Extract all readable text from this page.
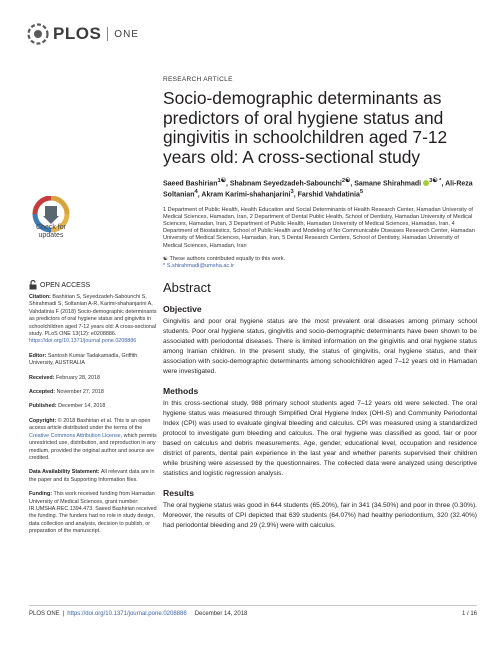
PLOS ONE
Check for updates
OPEN ACCESS

Citation: Bashirian S, Seyedzadeh-Sabounchi S, Shirahmadi S, Soltanian A-R, Karimi-shahanjarini A, Vahdatinia F (2018) Socio-demographic determinants as predictors of oral hygiene status and gingivitis in schoolchildren aged 7-12 years old: A cross-sectional study. PLoS ONE 13(12): e0208886. https://doi.org/10.1371/journal.pone.0208886

Editor: Santosh Kumar Tadakamadla, Griffith University, AUSTRALIA

Received: February 28, 2018

Accepted: November 27, 2018

Published: December 14, 2018

Copyright: © 2018 Bashirian et al. This is an open access article distributed under the terms of the Creative Commons Attribution License, which permits unrestricted use, distribution, and reproduction in any medium, provided the original author and source are credited.

Data Availability Statement: All relevant data are in the paper and its Supporting Information files.

Funding: This work received funding from Hamadan University of Medical Sciences, grant number: IR.UMSHA.REC.1394.473. Saeed Bashirian received the funding. The funders had no role in study design, data collection and analysis, decision to publish, or preparation of the manuscript.

RESEARCH ARTICLE
Socio-demographic determinants as predictors of oral hygiene status and gingivitis in schoolchildren aged 7-12 years old: A cross-sectional study
Saeed Bashirian$^{1☯}$, Shabnam Seyedzadeh-Sabounchi$^{2☯}$, Samane Shirahmadi $^{3☯ *}$, Ali-Reza Soltanian$^4$, Akram Karimi-shahanjarini$^3$, Farshid Vahdatinia$^5$
1 Department of Public Health, Health Education and Social Determinants of Health Research Center, Hamadan University of Medical Sciences, Hamadan, Iran, 2 Department of Dental Public Health, School of Dentistry, Hamadan University of Medical Sciences, Hamadan, Iran, 3 Department of Public Health, Hamadan University of Medical Sciences, Hamadan, Iran, 4 Department of Biostatistics, School of Public Health and Modeling of No Communicable Diseases Research Center, Hamadan University of Medical Sciences, Hamadan, Iran, 5 Dental Research Centers, School of Dentistry, Hamadan University of Medical Sciences, Hamadan, Iran
☯ These authors contributed equally to this work.
* S.shirahmadi@umsha.ac.ir
Abstract
Objective
Gingivitis and poor oral hygiene status are the most prevalent oral diseases among primary school students. Poor oral hygiene status, gingivitis and socio-demographic determinants have been shown to be associated with periodontal diseases. There is limited information on the gingivitis and oral hygiene status among Iranian children. In the present study, the status of gingivitis, oral hygiene status, and their association with socio-demographic determinants among schoolchildren aged 7–12 years old in Hamadan were investigated.
Methods
In this cross-sectional study, 988 primary school students aged 7–12 years old were selected. The oral hygiene status was measured through Simplified Oral Hygiene Index (OHI-S) and Community Periodontal Index (CPI) was used to evaluate gingival bleeding and calculus. CPI was measured using a standardized protocol to investigate gum bleeding and calculus. The oral hygiene was classified as good, fair or poor based on calculus and debris measurements. Age, gender, educational level, occupation and residence district of parents, dental pain experience in the last year and whether parents supervised their children while brushing were assessed by the questionnaires. The collected data were analyzed using descriptive statistics and logistic regression analysis.
Results
The oral hygiene status was good in 644 students (65.20%), fair in 341 (34.50%) and poor in three (0.30%). Moreover, the results of CPI depicted that 639 students (64.07%) had healthy periodontium, 320 (32.40%) had periodontal bleeding and 29 (2.9%) were with calculus.
PLOS ONE | https://doi.org/10.1371/journal.pone.0208886 December 14, 2018	1 / 16
